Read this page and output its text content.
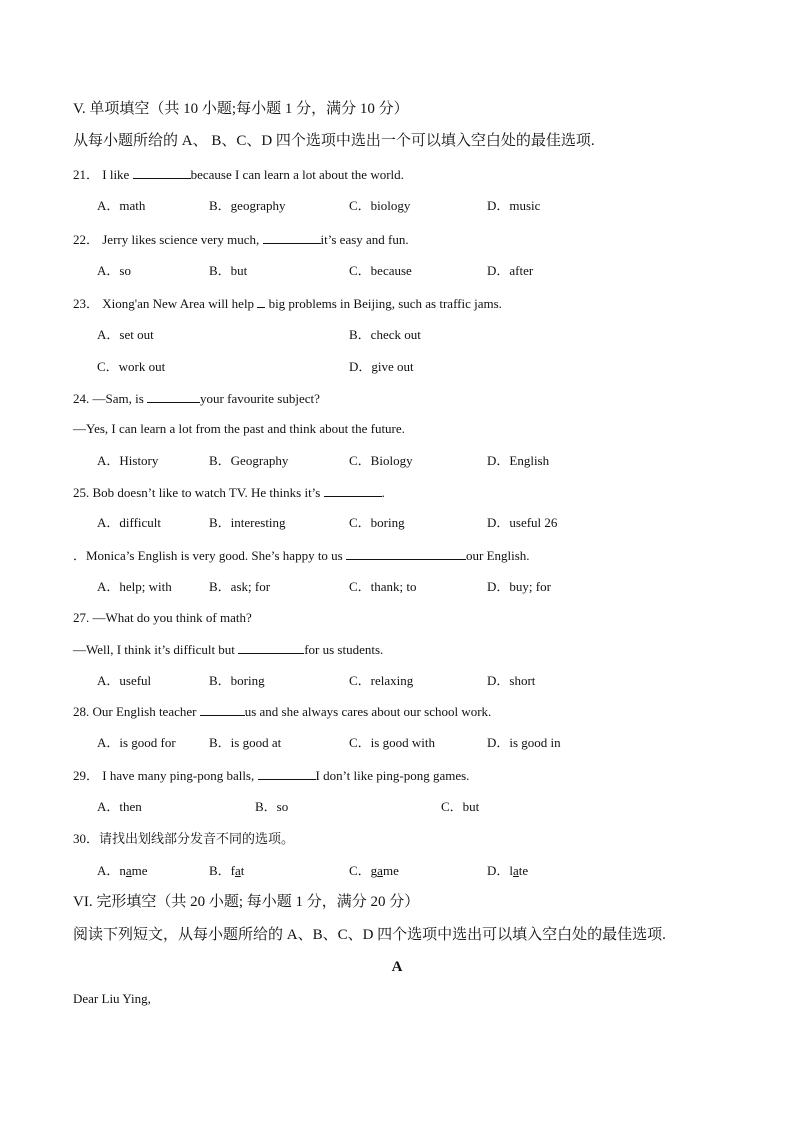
V. 单项填空（共 10 小题;每小题 1 分，满分 10 分）
从每小题所给的 A、 B、C、D 四个选项中选出一个可以填入空白处的最佳选项.
21． I like	because I can learn a lot about the world.
A．math	B．geography	C．biology	D．music
22． Jerry likes science very much,	it’s easy and fun.
A．so	B．but	C．because	D．after
23． Xiong'an New Area will help  big problems in Beijing, such as traffic jams.
A．set out	B．check out
C．work out	D．give out
24. —Sam, is	your favourite subject?
—Yes, I can learn a lot from the past and think about the future.
A．History	B．Geography	C．Biology	D．English
25. Bob doesn’t like to watch TV. He thinks it’s	.
A．difficult	B．interesting	C．boring	D．useful 26
．Monica’s English is very good. She’s happy to us	our English.
A．help; with	B．ask; for	C．thank; to	D．buy; for
27. —What do you think of math?
—Well, I think it’s difficult but	for us students.
A．useful	B．boring	C．relaxing	D．short
28. Our English teacher	us and she always cares about our school work.
A．is good for	B．is good at	C．is good with	D．is good in
29． I have many ping-pong balls,	I don’t like ping-pong games.
A．then	B．so	C．but
30．请找出划线部分发音不同的选项。
A．name	B．fat	C．game	D．late
VI. 完形填空（共 20 小题; 每小题 1 分，满分 20 分）
阅读下列短文，从每小题所给的 A、B、C、D 四个选项中选出可以填入空白处的最佳选项.
A
Dear Liu Ying,
